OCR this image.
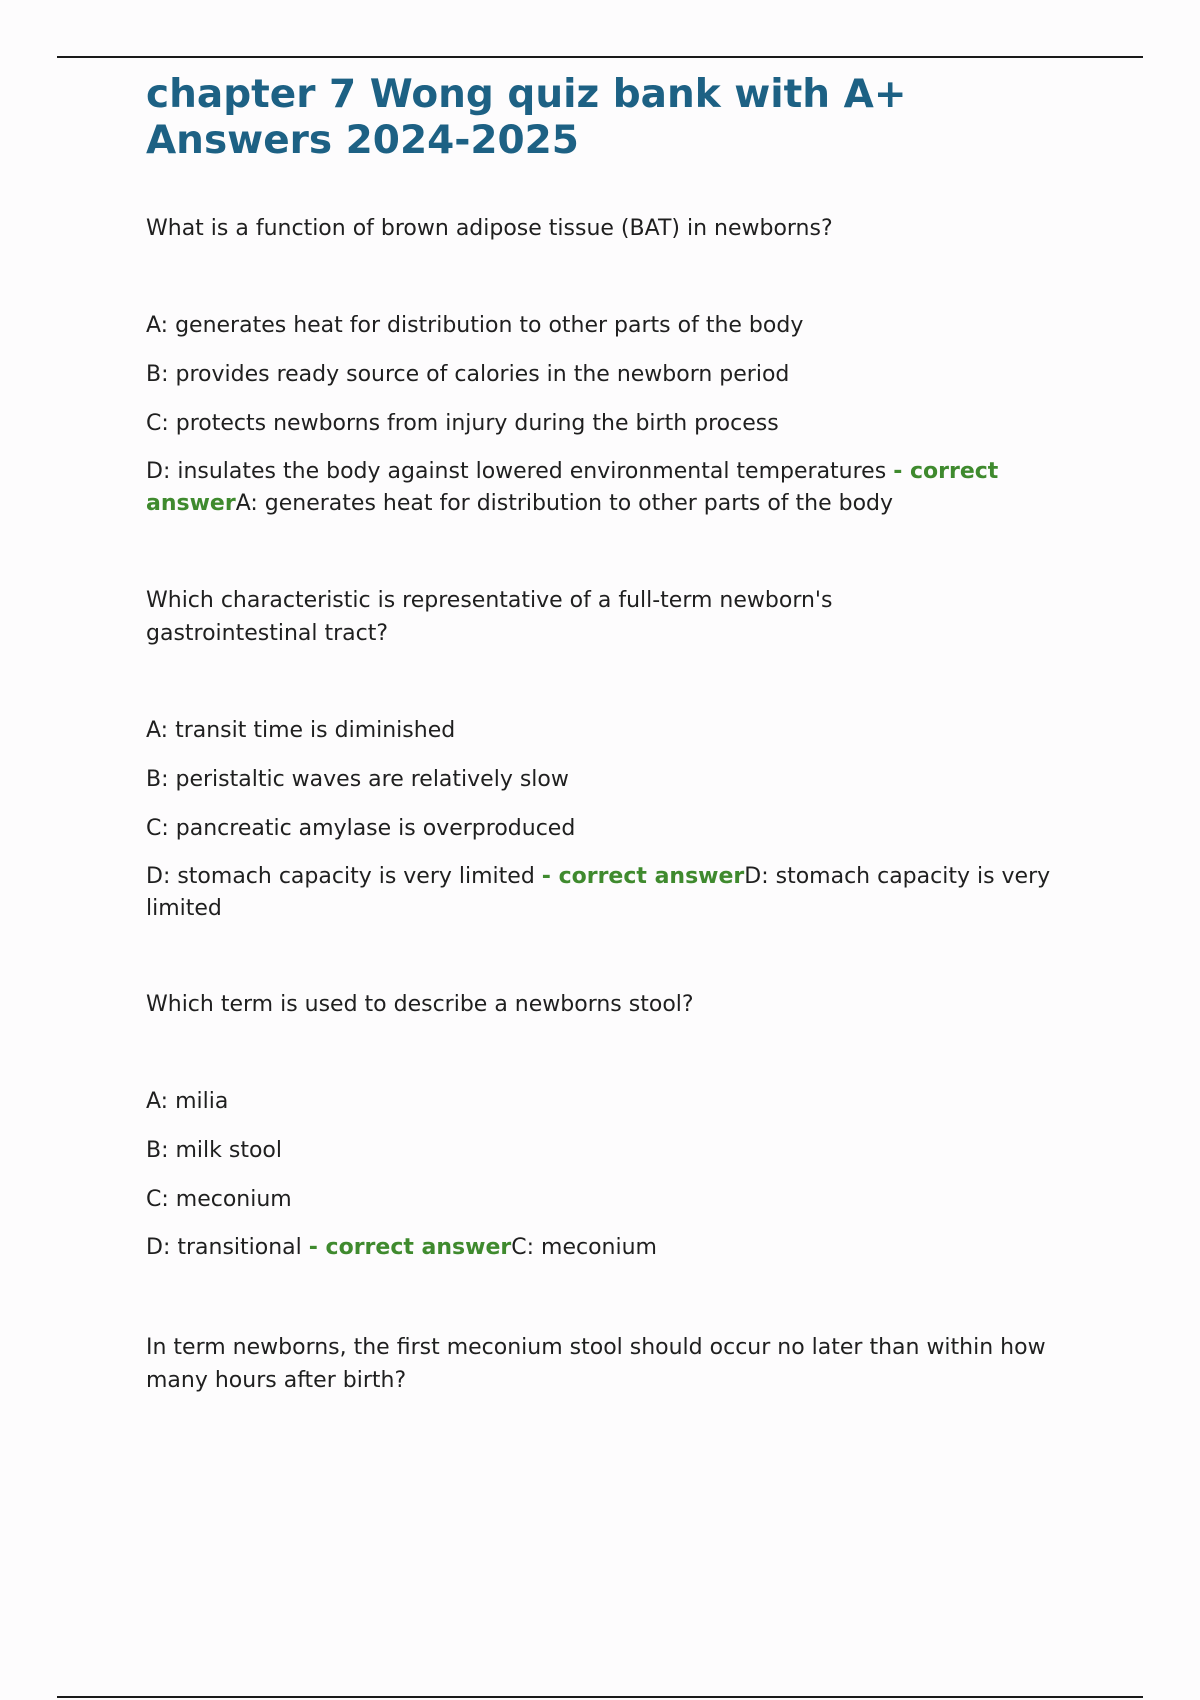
chapter 7 Wong quiz bank with A+ Answers 2024-2025

What is a function of brown adipose tissue (BAT) in newborns?

A: generates heat for distribution to other parts of the body

B: provides ready source of calories in the newborn period

C: protects newborns from injury during the birth process

D: insulates the body against lowered environmental temperatures - correct answerA: generates heat for distribution to other parts of the body

Which characteristic is representative of a full-term newborn's gastrointestinal tract?

A: transit time is diminished

B: peristaltic waves are relatively slow

C: pancreatic amylase is overproduced

D: stomach capacity is very limited - correct answerD: stomach capacity is very limited

Which term is used to describe a newborns stool?

A: milia

B: milk stool

C: meconium

D: transitional - correct answerC: meconium

In term newborns, the first meconium stool should occur no later than within how many hours after birth?
